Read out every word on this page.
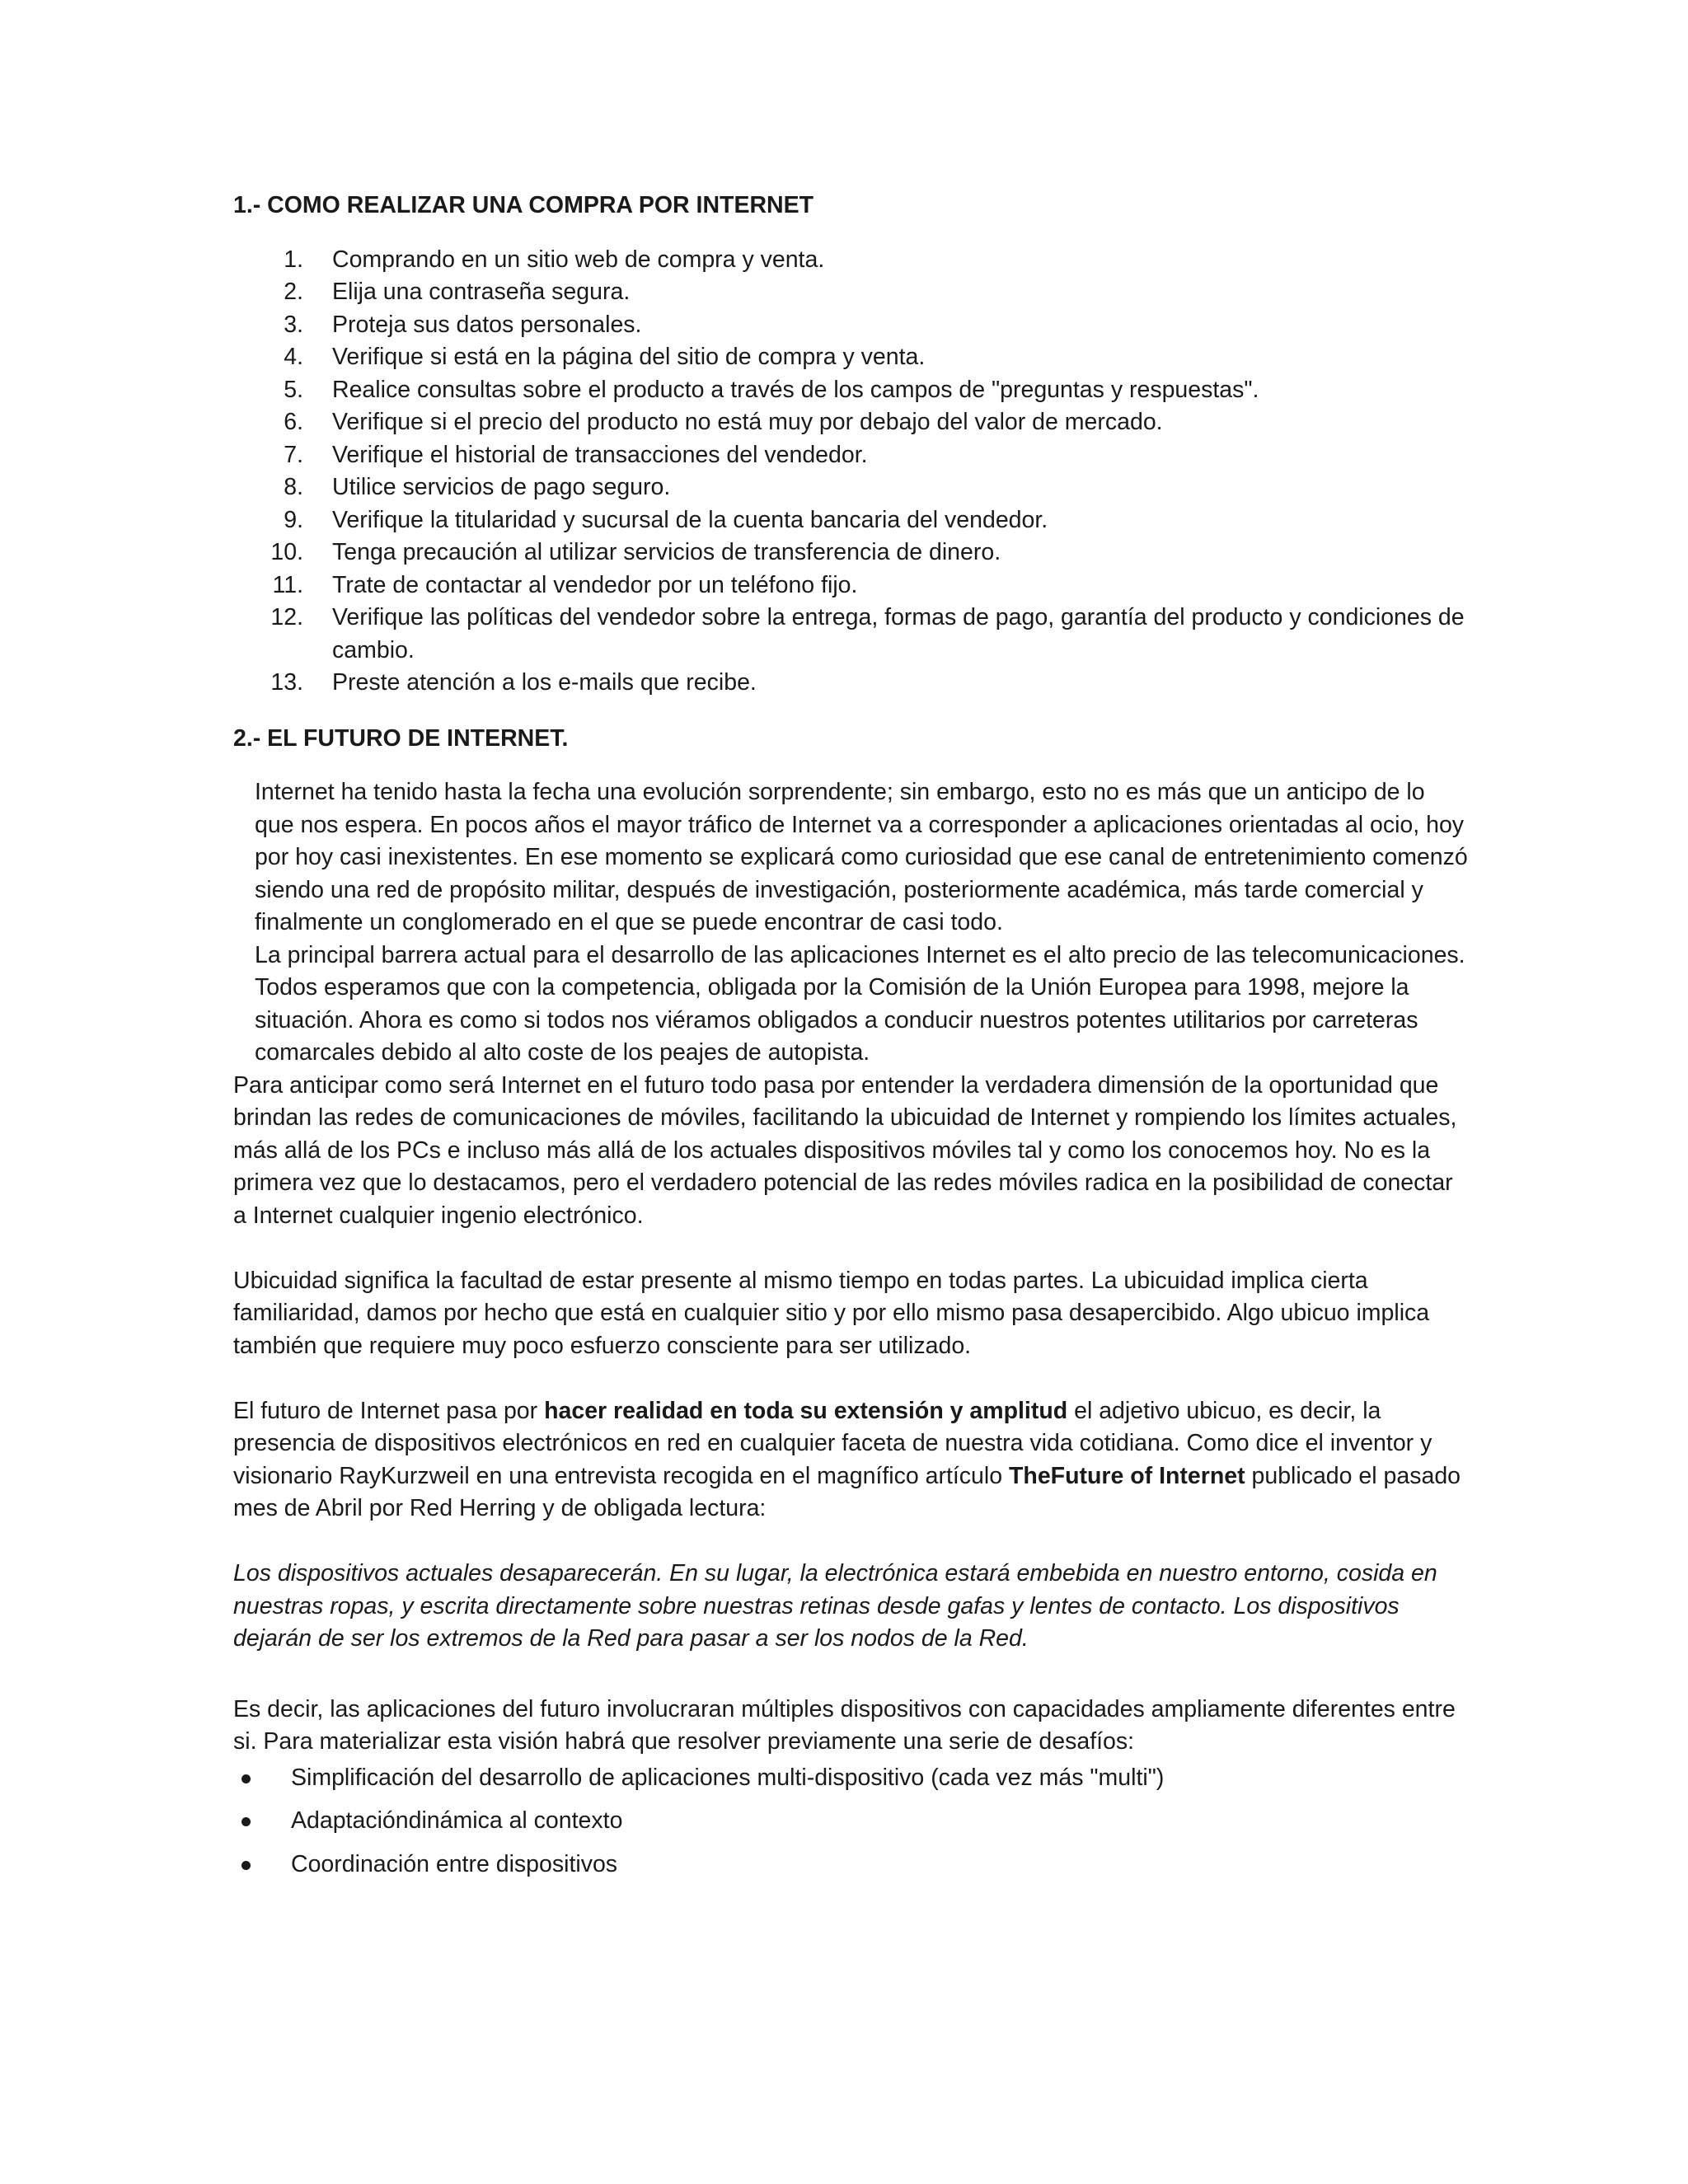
1.- COMO REALIZAR UNA COMPRA POR INTERNET
1. Comprando en un sitio web de compra y venta.
2. Elija una contraseña segura.
3. Proteja sus datos personales.
4. Verifique si está en la página del sitio de compra y venta.
5. Realice consultas sobre el producto a través de los campos de "preguntas y respuestas".
6. Verifique si el precio del producto no está muy por debajo del valor de mercado.
7. Verifique el historial de transacciones del vendedor.
8. Utilice servicios de pago seguro.
9. Verifique la titularidad y sucursal de la cuenta bancaria del vendedor.
10. Tenga precaución al utilizar servicios de transferencia de dinero.
11. Trate de contactar al vendedor por un teléfono fijo.
12. Verifique las políticas del vendedor sobre la entrega, formas de pago, garantía del producto y condiciones de cambio.
13. Preste atención a los e-mails que recibe.
2.- EL FUTURO DE INTERNET.

Internet ha tenido hasta la fecha una evolución sorprendente; sin embargo, esto no es más que un anticipo de lo que nos espera. En pocos años el mayor tráfico de Internet va a corresponder a aplicaciones orientadas al ocio, hoy por hoy casi inexistentes. En ese momento se explicará como curiosidad que ese canal de entretenimiento comenzó siendo una red de propósito militar, después de investigación, posteriormente académica, más tarde comercial y finalmente un conglomerado en el que se puede encontrar de casi todo.

La principal barrera actual para el desarrollo de las aplicaciones Internet es el alto precio de las telecomunicaciones. Todos esperamos que con la competencia, obligada por la Comisión de la Unión Europea para 1998, mejore la situación. Ahora es como si todos nos viéramos obligados a conducir nuestros potentes utilitarios por carreteras comarcales debido al alto coste de los peajes de autopista.

Para anticipar como será Internet en el futuro todo pasa por entender la verdadera dimensión de la oportunidad que brindan las redes de comunicaciones de móviles, facilitando la ubicuidad de Internet y rompiendo los límites actuales, más allá de los PCs e incluso más allá de los actuales dispositivos móviles tal y como los conocemos hoy. No es la primera vez que lo destacamos, pero el verdadero potencial de las redes móviles radica en la posibilidad de conectar a Internet cualquier ingenio electrónico.

Ubicuidad significa la facultad de estar presente al mismo tiempo en todas partes. La ubicuidad implica cierta familiaridad, damos por hecho que está en cualquier sitio y por ello mismo pasa desapercibido. Algo ubicuo implica también que requiere muy poco esfuerzo consciente para ser utilizado.

El futuro de Internet pasa por hacer realidad en toda su extensión y amplitud el adjetivo ubicuo, es decir, la presencia de dispositivos electrónicos en red en cualquier faceta de nuestra vida cotidiana. Como dice el inventor y visionario RayKurzweil en una entrevista recogida en el magnífico artículo TheFuture of Internet publicado el pasado mes de Abril por Red Herring y de obligada lectura:

Los dispositivos actuales desaparecerán. En su lugar, la electrónica estará embebida en nuestro entorno, cosida en nuestras ropas, y escrita directamente sobre nuestras retinas desde gafas y lentes de contacto. Los dispositivos dejarán de ser los extremos de la Red para pasar a ser los nodos de la Red.

Es decir, las aplicaciones del futuro involucraran múltiples dispositivos con capacidades ampliamente diferentes entre si. Para materializar esta visión habrá que resolver previamente una serie de desafíos:

Simplificación del desarrollo de aplicaciones multi-dispositivo (cada vez más "multi")
Adaptacióndinámica al contexto
Coordinación entre dispositivos
